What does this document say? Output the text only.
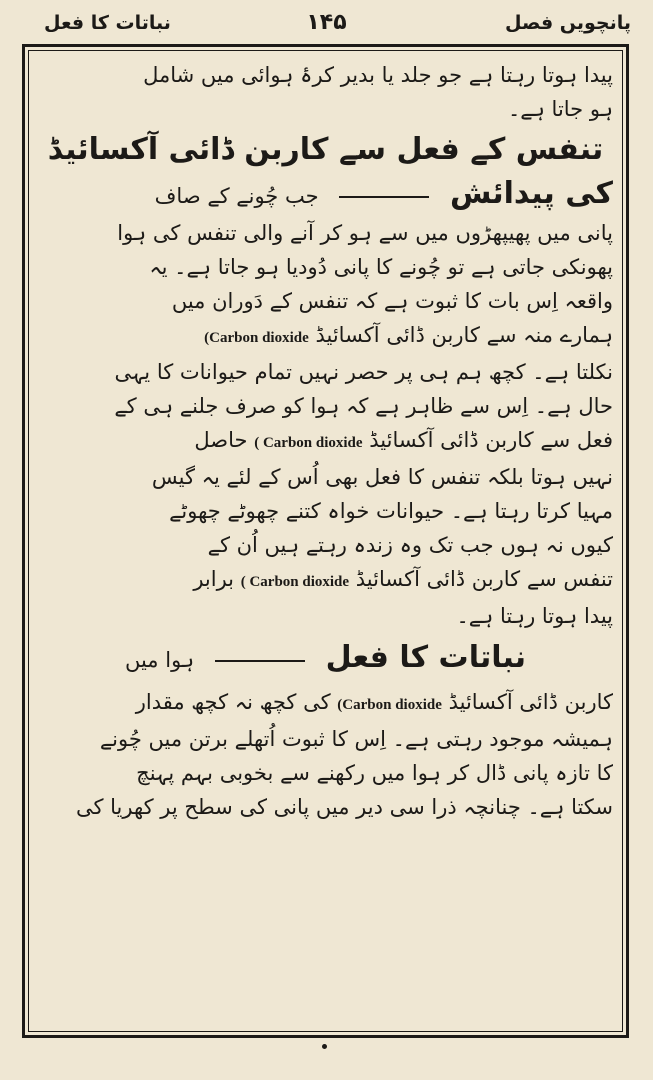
پانچویں فصل
۱۴۵
نباتات کا فعل
پیدا ہوتا رہتا ہے جو جلد یا بدیر کرۂ ہوائی میں شامل
ہو جاتا ہے۔
تنفس کے فعل سے کاربن ڈائی آکسائیڈ
کی پیدائش  جب چُونے کے صاف
پانی میں پھیپھڑوں میں سے ہو کر آنے والی تنفس کی ہوا
پھونکی جاتی ہے تو چُونے کا پانی دُودیا ہو جاتا ہے۔ یہ
واقعہ اِس بات کا ثبوت ہے کہ تنفس کے دَوران میں
ہمارے منہ سے کاربن ڈائی آکسائیڈ (Carbon dioxide
نکلتا ہے۔ کچھ ہم ہی پر حصر نہیں تمام حیوانات کا یہی
حال ہے۔ اِس سے ظاہر ہے کہ ہوا کو صرف جلنے ہی کے
فعل سے کاربن ڈائی آکسائیڈ ( Carbon dioxide حاصل
نہیں ہوتا بلکہ تنفس کا فعل بھی اُس کے لئے یہ گیس
مہیا کرتا رہتا ہے۔ حیوانات خواہ کتنے چھوٹے چھوٹے
کیوں نہ ہوں جب تک وہ زندہ رہتے ہیں اُن کے
تنفس سے کاربن ڈائی آکسائیڈ ( Carbon dioxide برابر
پیدا ہوتا رہتا ہے۔
نباتات کا فعل  ہوا میں
کاربن ڈائی آکسائیڈ (Carbon dioxide کی کچھ نہ کچھ مقدار
ہمیشہ موجود رہتی ہے۔ اِس کا ثبوت اُتھلے برتن میں چُونے
کا تازہ پانی ڈال کر ہوا میں رکھنے سے بخوبی بہم پہنچ
سکتا ہے۔ چنانچہ ذرا سی دیر میں پانی کی سطح پر کھریا کی
